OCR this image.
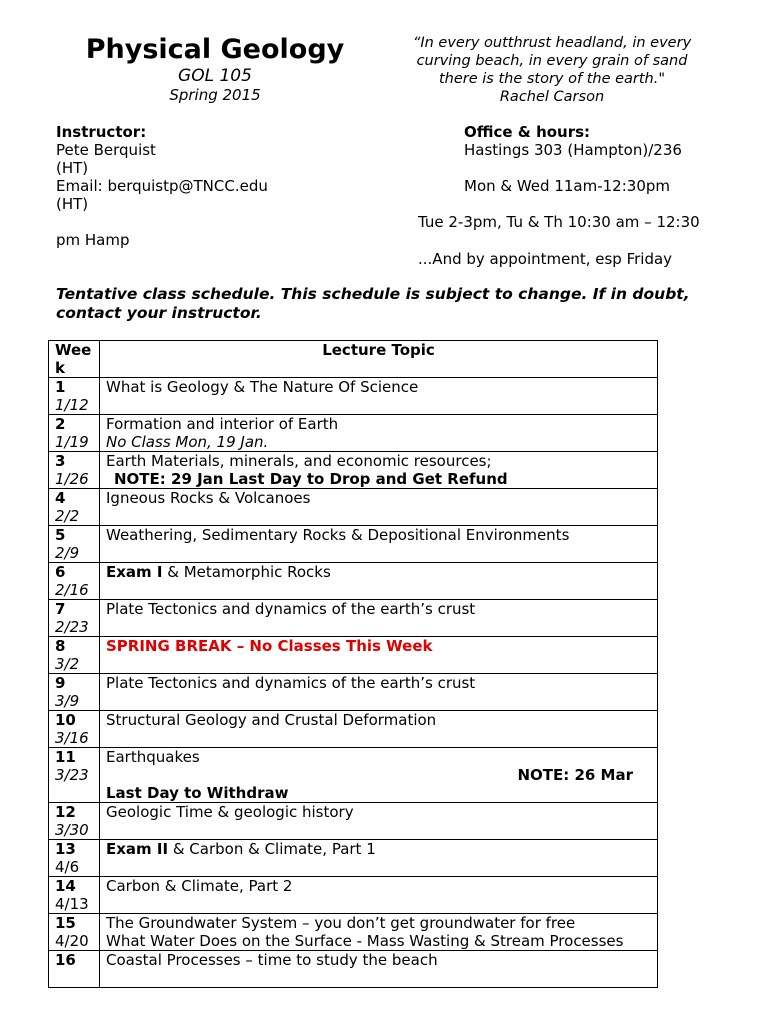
Physical Geology
GOL 105
Spring 2015
“In every outthrust headland, in every
curving beach, in every grain of sand
there is the story of the earth."
Rachel Carson
Instructor:
Pete Berquist
(HT)
Email: berquistp@TNCC.edu
(HT)
pm Hamp
Office & hours:
Hastings 303 (Hampton)/236
Mon & Wed 11am-12:30pm
Tue 2-3pm, Tu & Th 10:30 am – 12:30
...And by appointment, esp Friday
Tentative class schedule. This schedule is subject to change. If in doubt,
contact your instructor.
Wee
k	Lecture Topic

1
1/12	What is Geology & The Nature Of Science

2
1/19	Formation and interior of Earth
No Class Mon, 19 Jan.

3
1/26	Earth Materials, minerals, and economic resources;
NOTE: 29 Jan Last Day to Drop and Get Refund

4
2/2	Igneous Rocks & Volcanoes

5
2/9	Weathering, Sedimentary Rocks & Depositional Environments

6
2/16	Exam I & Metamorphic Rocks

7
2/23	Plate Tectonics and dynamics of the earth’s crust

8
3/2	SPRING BREAK – No Classes This Week

9
3/9	Plate Tectonics and dynamics of the earth’s crust

10
3/16	Structural Geology and Crustal Deformation

11
3/23	Earthquakes
NOTE: 26 Mar
Last Day to Withdraw

12
3/30	Geologic Time & geologic history

13
4/6	Exam II & Carbon & Climate, Part 1

14
4/13	Carbon & Climate, Part 2

15
4/20	The Groundwater System – you don’t get groundwater for free
What Water Does on the Surface - Mass Wasting & Stream Processes

16	Coastal Processes – time to study the beach
